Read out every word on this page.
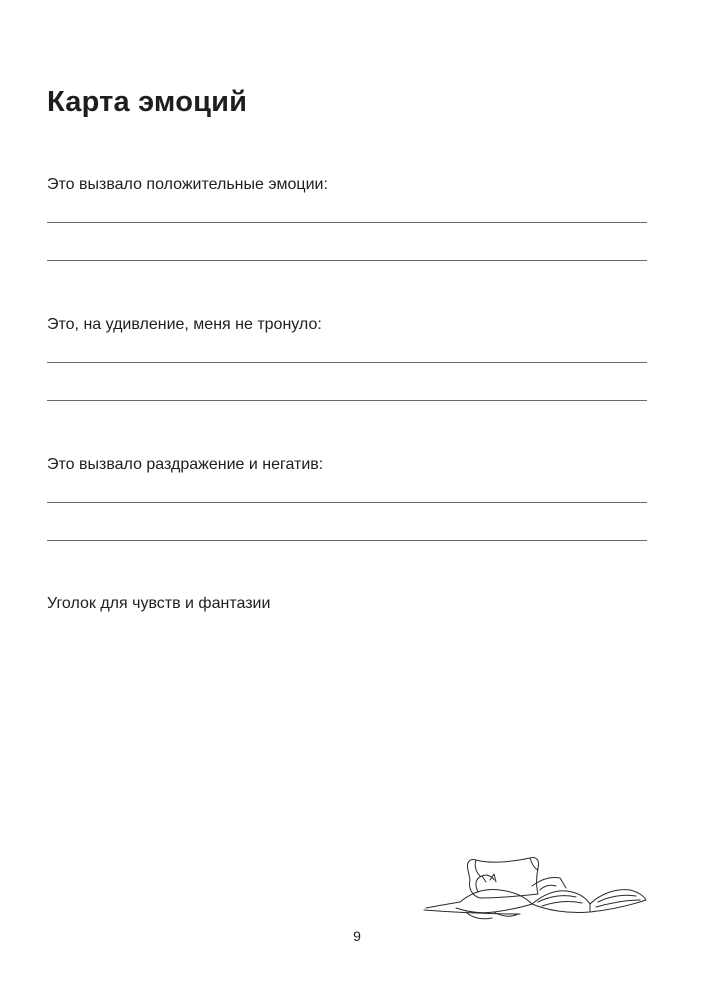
Карта эмоций

Это вызвало положительные эмоции:

Это, на удивление, меня не тронуло:

Это вызвало раздражение и негатив:

Уголок для чувств и фантазии

9
